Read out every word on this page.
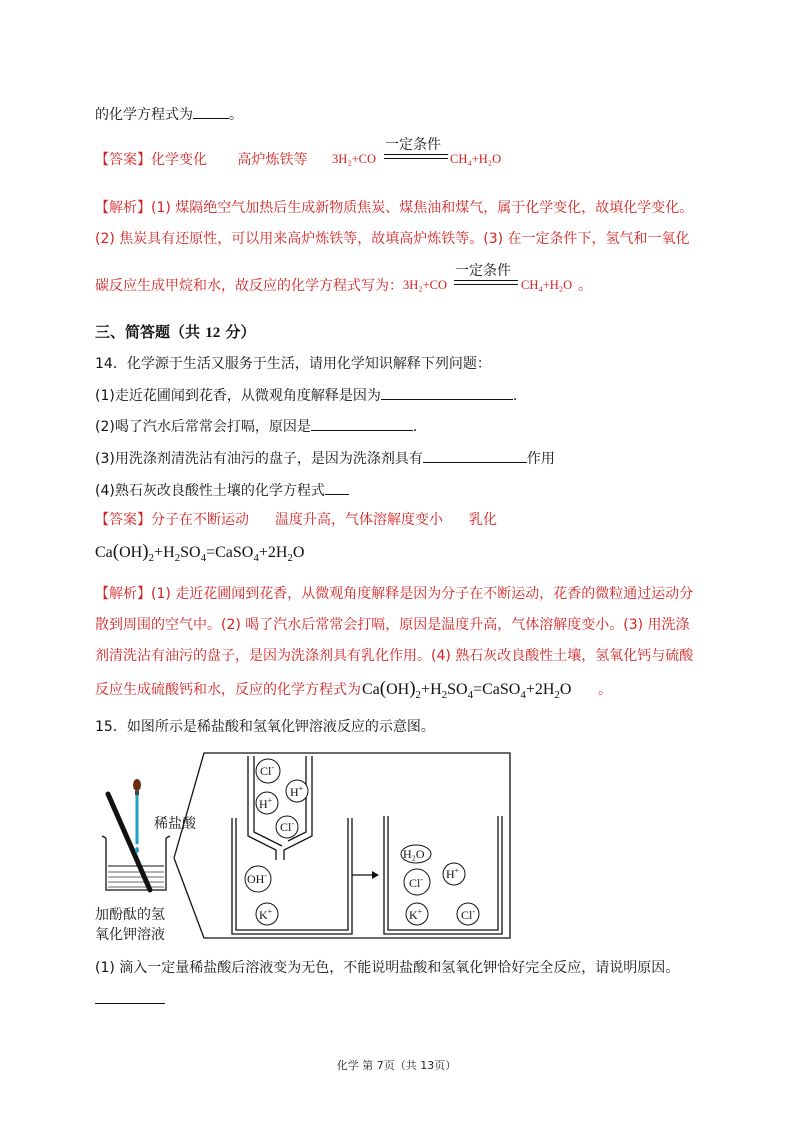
的化学方程式为	。
【答案】化学变化 高炉炼铁等 3H₂+CO
一定条件
CH₄+H₂O
【解析】(1) 煤隔绝空气加热后生成新物质焦炭、煤焦油和煤气，属于化学变化，故填化学变化。
(2) 焦炭具有还原性，可以用来高炉炼铁等，故填高炉炼铁等。(3) 在一定条件下，氢气和一氧化
碳反应生成甲烷和水，故反应的化学方程式写为： 3H₂+CO
一定条件
CH₄+H₂O 。
三、简答题（共 12 分）
14．化学源于生活又服务于生活，请用化学知识解释下列问题：
(1)走近花圃闻到花香，从微观角度解释是因为	.
(2)喝了汽水后常常会打嗝，原因是	.
(3)用洗涤剂清洗沾有油污的盘子，是因为洗涤剂具有	作用
(4)熟石灰改良酸性土壤的化学方程式
【答案】分子在不断运动 温度升高，气体溶解度变小 乳化
$Ca(OH)_2+H_2SO_4=CaSO_4+2H_2O$
【解析】(1) 走近花圃闻到花香，从微观角度解释是因为分子在不断运动，花香的微粒通过运动分
散到周围的空气中。(2) 喝了汽水后常常会打嗝，原因是温度升高，气体溶解度变小。(3) 用洗涤
剂清洗沾有油污的盘子，是因为洗涤剂具有乳化作用。(4) 熟石灰改良酸性土壤，氢氧化钙与硫酸
反应生成硫酸钙和水，反应的化学方程式为 $Ca(OH)_2+H_2SO_4=CaSO_4+2H_2O$ 。
15．如图所示是稀盐酸和氢氧化钾溶液反应的示意图。
稀盐酸
加酚酞的氢
氧化钾溶液
Cl-
H+
H+
Cl-
OH-
K+
H₂O
Cl- H+
K+	Cl-
(1) 滴入一定量稀盐酸后溶液变为无色，不能说明盐酸和氢氧化钾恰好完全反应，请说明原因。
化学 第 7页（共 13页）
